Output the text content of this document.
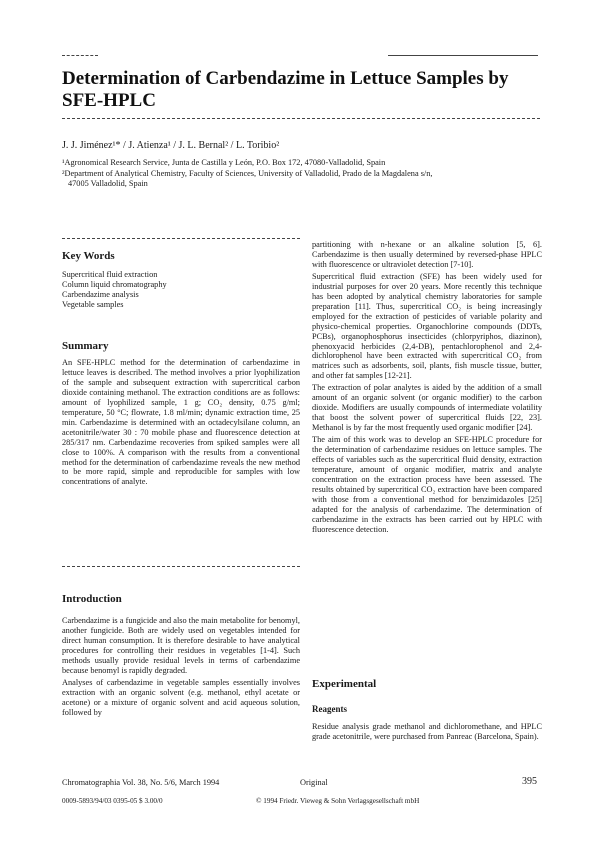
Determination of Carbendazime in Lettuce Samples by SFE-HPLC
J. J. Jiménez¹* / J. Atienza¹ / J. L. Bernal² / L. Toribio²
¹Agronomical Research Service, Junta de Castilla y León, P.O. Box 172, 47080-Valladolid, Spain
²Department of Analytical Chemistry, Faculty of Sciences, University of Valladolid, Prado de la Magdalena s/n,
47005 Valladolid, Spain
Key Words
Supercritical fluid extraction
Column liquid chromatography
Carbendazime analysis
Vegetable samples
Summary

An SFE-HPLC method for the determination of carbendazime in lettuce leaves is described. The method involves a prior lyophilization of the sample and subsequent extraction with supercritical carbon dioxide containing methanol. The extraction conditions are as follows: amount of lyophilized sample, 1 g; CO₂ density, 0.75 g/ml; temperature, 50 °C; flowrate, 1.8 ml/min; dynamic extraction time, 25 min. Carbendazime is determined with an octadecylsilane column, an acetonitrile/water 30 : 70 mobile phase and fluorescence detection at 285/317 nm. Carbendazime recoveries from spiked samples were all close to 100%. A comparison with the results from a conventional method for the determination of carbendazime reveals the new method to be more rapid, simple and reproducible for samples with low concentrations of analyte.

Introduction

Carbendazime is a fungicide and also the main metabolite for benomyl, another fungicide. Both are widely used on vegetables intended for direct human consumption. It is therefore desirable to have analytical procedures for controlling their residues in vegetables [1-4]. Such methods usually provide residual levels in terms of carbendazime because benomyl is rapidly degraded.

Analyses of carbendazime in vegetable samples essentially involves extraction with an organic solvent (e.g. methanol, ethyl acetate or acetone) or a mixture of organic solvent and acid aqueous solution, followed by

partitioning with n-hexane or an alkaline solution [5, 6]. Carbendazime is then usually determined by reversed-phase HPLC with fluorescence or ultraviolet detection [7-10].

Supercritical fluid extraction (SFE) has been widely used for industrial purposes for over 20 years. More recently this technique has been adopted by analytical chemistry laboratories for sample preparation [11]. Thus, supercritical CO₂ is being increasingly employed for the extraction of pesticides of variable polarity and physico-chemical properties. Organochlorine compounds (DDTs, PCBs), organophosphorus insecticides (chlorpyriphos, diazinon), phenoxyacid herbicides (2,4-DB), pentachlorophenol and 2,4-dichlorophenol have been extracted with supercritical CO₂ from matrices such as adsorbents, soil, plants, fish muscle tissue, butter, and other fat samples [12-21].

The extraction of polar analytes is aided by the addition of a small amount of an organic solvent (or organic modifier) to the carbon dioxide. Modifiers are usually compounds of intermediate volatility that boost the solvent power of supercritical fluids [22, 23]. Methanol is by far the most frequently used organic modifier [24].

The aim of this work was to develop an SFE-HPLC procedure for the determination of carbendazime residues on lettuce samples. The effects of variables such as the supercritical fluid density, extraction temperature, amount of organic modifier, matrix and analyte concentration on the extraction process have been assessed. The results obtained by supercritical CO₂ extraction have been compared with those from a conventional method for benzimidazoles [25] adapted for the analysis of carbendazime. The determination of carbendazime in the extracts has been carried out by HPLC with fluorescence detection.

Experimental
Reagents

Residue analysis grade methanol and dichloromethane, and HPLC grade acetonitrile, were purchased from Panreac (Barcelona, Spain).

Chromatographia Vol. 38, No. 5/6, March 1994	Original	395
0009-5893/94/03 0395-05 $ 3.00/0	© 1994 Friedr. Vieweg & Sohn Verlagsgesellschaft mbH
